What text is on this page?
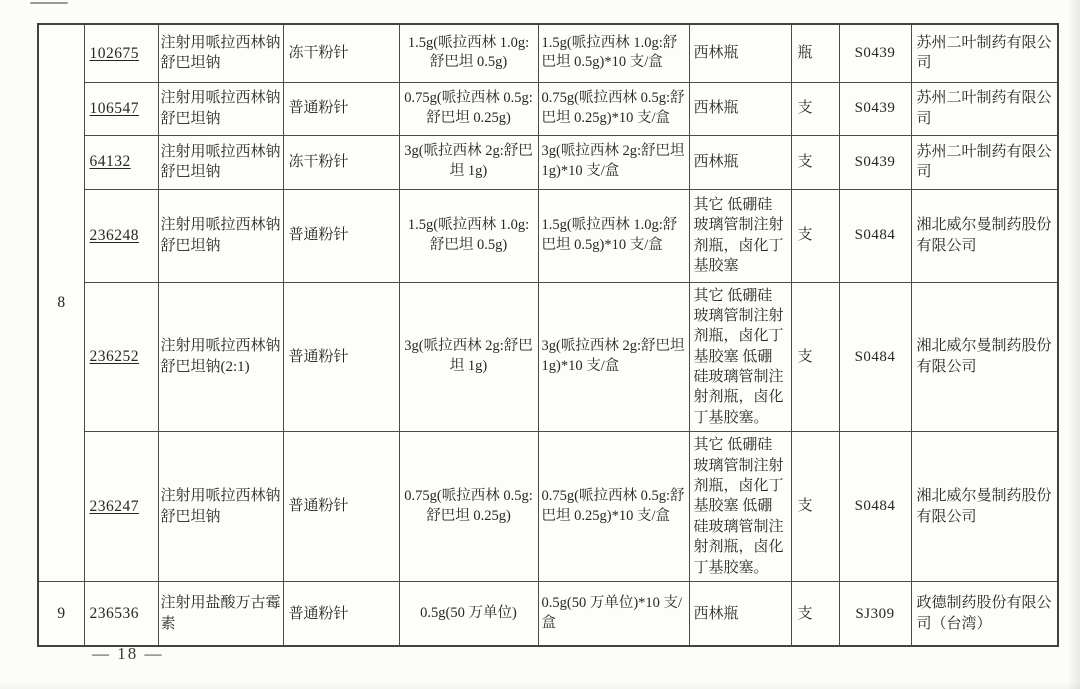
8	102675	注射用哌拉西林钠舒巴坦钠	冻干粉针	1.5g(哌拉西林 1.0g: 舒巴坦 0.5g)	1.5g(哌拉西林 1.0g:舒巴坦 0.5g)*10 支/盒	西林瓶	瓶	S0439	苏州二叶制药有限公司
	106547	注射用哌拉西林钠舒巴坦钠	普通粉针	0.75g(哌拉西林 0.5g: 舒巴坦 0.25g)	0.75g(哌拉西林 0.5g:舒巴坦 0.25g)*10 支/盒	西林瓶	支	S0439	苏州二叶制药有限公司
	64132	注射用哌拉西林钠舒巴坦钠	冻干粉针	3g(哌拉西林 2g:舒巴坦 1g)	3g(哌拉西林 2g:舒巴坦 1g)*10 支/盒	西林瓶	支	S0439	苏州二叶制药有限公司
	236248	注射用哌拉西林钠舒巴坦钠	普通粉针	1.5g(哌拉西林 1.0g: 舒巴坦 0.5g)	1.5g(哌拉西林 1.0g:舒巴坦 0.5g)*10 支/盒	其它 低硼硅玻璃管制注射剂瓶，卤化丁基胶塞	支	S0484	湘北威尔曼制药股份有限公司
	236252	注射用哌拉西林钠舒巴坦钠(2:1)	普通粉针	3g(哌拉西林 2g:舒巴坦 1g)	3g(哌拉西林 2g:舒巴坦 1g)*10 支/盒	其它 低硼硅玻璃管制注射剂瓶，卤化丁基胶塞 低硼硅玻璃管制注射剂瓶，卤化丁基胶塞。	支	S0484	湘北威尔曼制药股份有限公司
	236247	注射用哌拉西林钠舒巴坦钠	普通粉针	0.75g(哌拉西林 0.5g: 舒巴坦 0.25g)	0.75g(哌拉西林 0.5g:舒巴坦 0.25g)*10 支/盒	其它 低硼硅玻璃管制注射剂瓶，卤化丁基胶塞 低硼硅玻璃管制注射剂瓶，卤化丁基胶塞。	支	S0484	湘北威尔曼制药股份有限公司
9	236536	注射用盐酸万古霉素	普通粉针	0.5g(50 万单位)	0.5g(50 万单位)*10 支/盒	西林瓶	支	SJ309	政德制药股份有限公司（台湾）
— 18 —
